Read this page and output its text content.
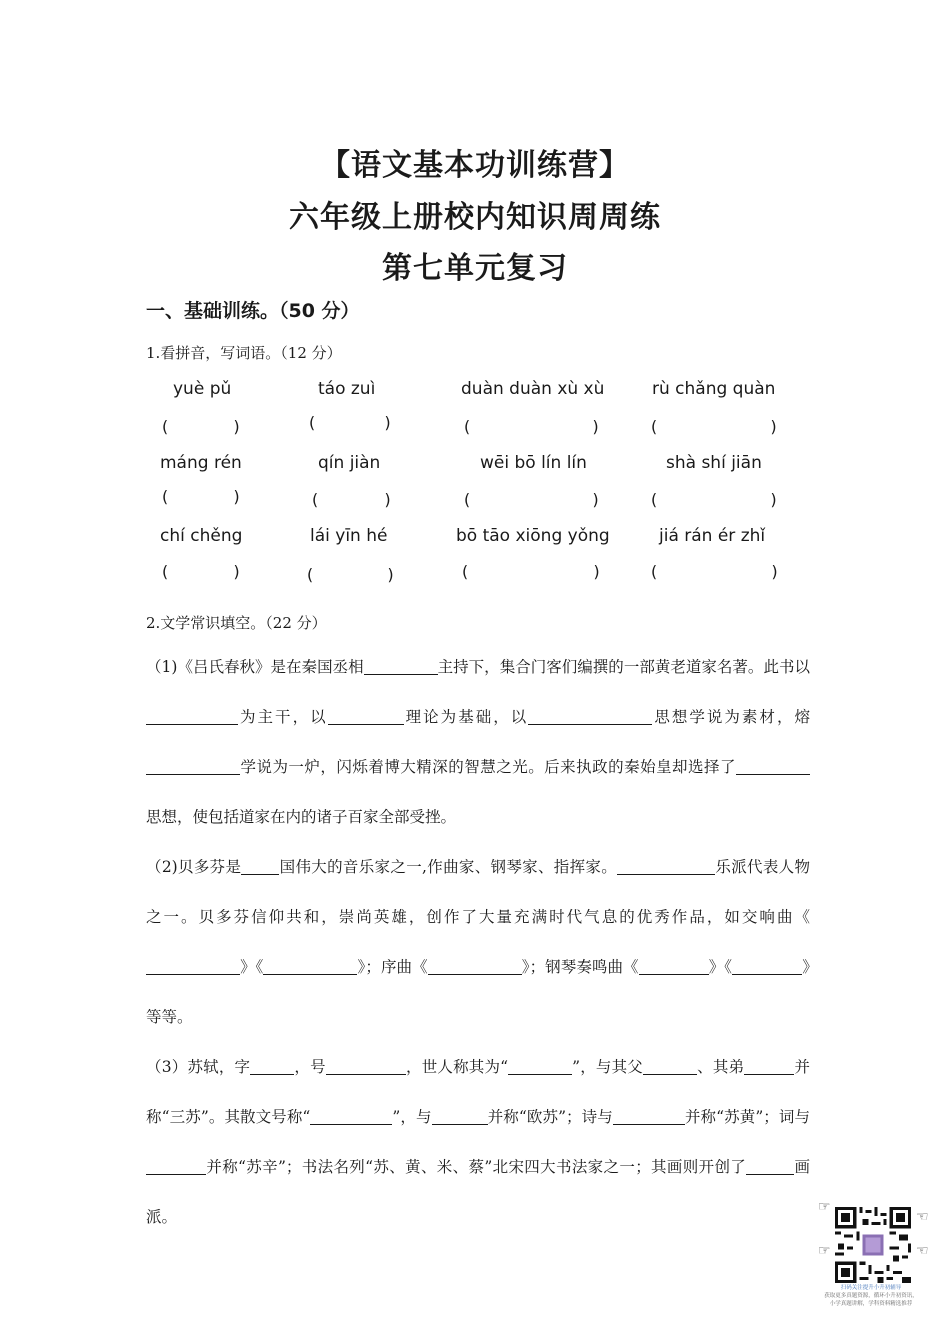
【语文基本功训练营】
六年级上册校内知识周周练
第七单元复习
一、基础训练。（50 分）
1.看拼音，写词语。（12 分）
yuè pǔ	táo zuì	duàn duàn xù xù	rù chǎng quàn
(	)	(	)	(	)	(	)
máng rén	qín jiàn	wēi bō lín lín	shà shí jiān
(	)	(	)	(	)	(	)
chí chěng	lái yīn hé	bō tāo xiōng yǒng	jiá rán ér zhǐ
(	)	(	)	(	)	(	)
2.文学常识填空。（22 分）
（1)《吕氏春秋》是在秦国丞相	主持下，集合门客们编撰的一部黄老道家名著。此书以为主干，以	理论为基础，以	思想学说为素材，熔学说为一炉，闪烁着博大精深的智慧之光。后来执政的秦始皇却选择了思想，使包括道家在内的诸子百家全部受挫。
（2)贝多芬是 国伟大的音乐家之一,作曲家、钢琴家、指挥家。	乐派代表人物之一。贝多芬信仰共和，崇尚英雄，创作了大量充满时代气息的优秀作品，如交响曲《》《	》；序曲《	》；钢琴奏鸣曲《	》《	》等等。
（3）苏轼，字	，号	，世人称其为“	”，与其父	、其弟	并称“三苏”。其散文号称“	”，与	并称“欧苏”；诗与	并称“苏黄”；词与并称“苏辛”；书法名列“苏、黄、米、蔡”北宋四大书法家之一；其画则开创了	画派。
☞
☜
☞	☜
扫码关注提升小升初辅导
获取更多真题资源，循环小升初资讯，
小学真题讲解，学科资料精选推荐
